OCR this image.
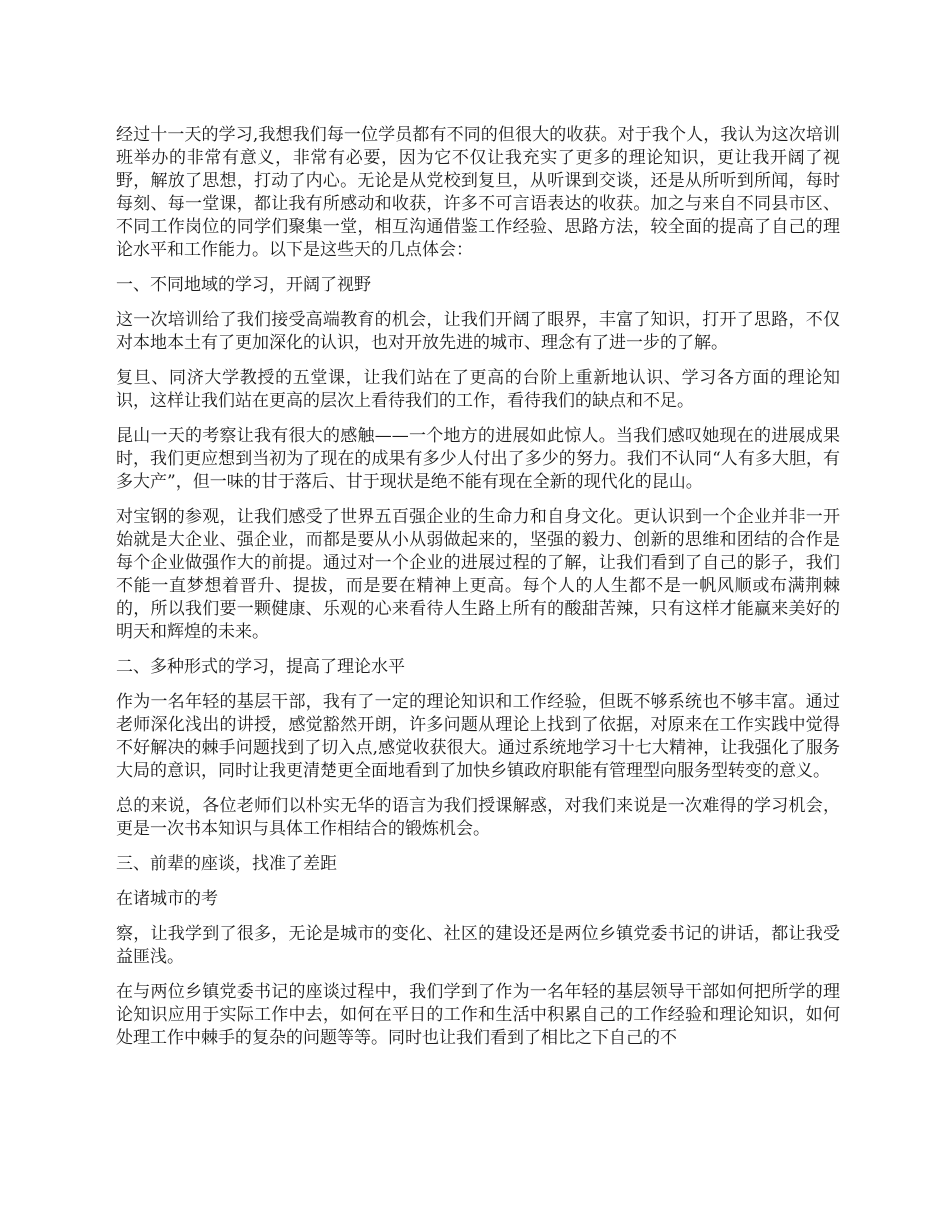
经过十一天的学习,我想我们每一位学员都有不同的但很大的收获。对于我个人，我认为这次培训班举办的非常有意义，非常有必要，因为它不仅让我充实了更多的理论知识，更让我开阔了视野，解放了思想，打动了内心。无论是从党校到复旦，从听课到交谈，还是从所听到所闻，每时每刻、每一堂课，都让我有所感动和收获，许多不可言语表达的收获。加之与来自不同县市区、不同工作岗位的同学们聚集一堂，相互沟通借鉴工作经验、思路方法，较全面的提高了自己的理论水平和工作能力。以下是这些天的几点体会：

一、不同地域的学习，开阔了视野

这一次培训给了我们接受高端教育的机会，让我们开阔了眼界，丰富了知识，打开了思路，不仅对本地本土有了更加深化的认识，也对开放先进的城市、理念有了进一步的了解。

复旦、同济大学教授的五堂课，让我们站在了更高的台阶上重新地认识、学习各方面的理论知识，这样让我们站在更高的层次上看待我们的工作，看待我们的缺点和不足。

昆山一天的考察让我有很大的感触——一个地方的进展如此惊人。当我们感叹她现在的进展成果时，我们更应想到当初为了现在的成果有多少人付出了多少的努力。我们不认同“人有多大胆，有多大产”，但一味的甘于落后、甘于现状是绝不能有现在全新的现代化的昆山。

对宝钢的参观，让我们感受了世界五百强企业的生命力和自身文化。更认识到一个企业并非一开始就是大企业、强企业，而都是要从小从弱做起来的，坚强的毅力、创新的思维和团结的合作是每个企业做强作大的前提。通过对一个企业的进展过程的了解，让我们看到了自己的影子，我们不能一直梦想着晋升、提拔，而是要在精神上更高。每个人的人生都不是一帆风顺或布满荆棘的，所以我们要一颗健康、乐观的心来看待人生路上所有的酸甜苦辣，只有这样才能赢来美好的明天和辉煌的未来。

二、多种形式的学习，提高了理论水平

作为一名年轻的基层干部，我有了一定的理论知识和工作经验，但既不够系统也不够丰富。通过老师深化浅出的讲授，感觉豁然开朗，许多问题从理论上找到了依据，对原来在工作实践中觉得不好解决的棘手问题找到了切入点,感觉收获很大。通过系统地学习十七大精神，让我强化了服务大局的意识，同时让我更清楚更全面地看到了加快乡镇政府职能有管理型向服务型转变的意义。

总的来说，各位老师们以朴实无华的语言为我们授课解惑，对我们来说是一次难得的学习机会，更是一次书本知识与具体工作相结合的锻炼机会。

三、前辈的座谈，找准了差距

在诸城市的考

察，让我学到了很多，无论是城市的变化、社区的建设还是两位乡镇党委书记的讲话，都让我受益匪浅。

在与两位乡镇党委书记的座谈过程中，我们学到了作为一名年轻的基层领导干部如何把所学的理论知识应用于实际工作中去，如何在平日的工作和生活中积累自己的工作经验和理论知识，如何处理工作中棘手的复杂的问题等等。同时也让我们看到了相比之下自己的不
